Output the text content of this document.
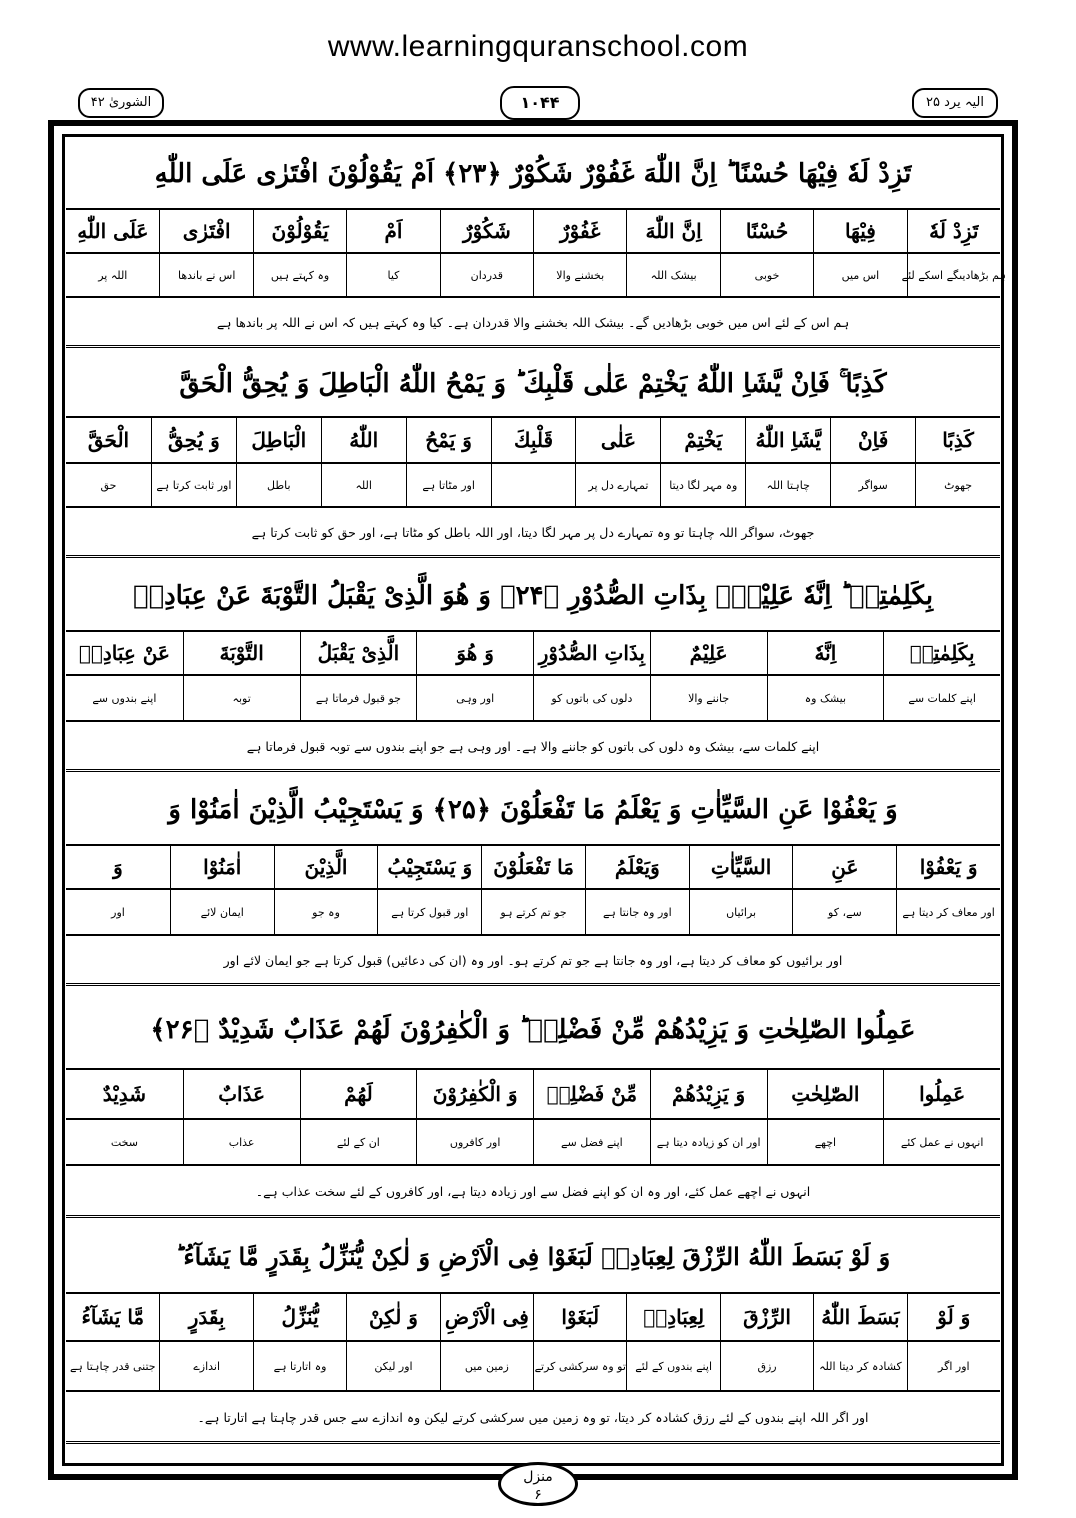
www.learningquranschool.com
الشوریٰ ۴۲	۱۰۴۴	الیہ یرد ۲۵
تَزِدْ لَهٗ فِیْهَا حُسْنًا ؕ اِنَّ اللّٰهَ غَفُوْرٌ شَكُوْرٌ ﴿۲۳﴾ اَمْ یَقُوْلُوْنَ افْتَرٰى عَلَى اللّٰهِ
تَزِدْ لَهٗ
فِیْهَا
حُسْنًا
اِنَّ اللّٰهَ
غَفُوْرٌ
شَكُوْرٌ
اَمْ
یَقُوْلُوْنَ
افْتَرٰى
عَلَى اللّٰهِ
ہم بڑھادیںگے اسکے لئے
اس میں
خوبی
بیشک اللہ
بخشنے والا
قدردان
کیا
وہ کہتے ہیں
اس نے باندھا
اللہ پر
ہم اس کے لئے اس میں خوبی بڑھادیں گے۔ بیشک اللہ بخشنے والا قدردان ہے۔ کیا وہ کہتے ہیں کہ اس نے اللہ پر باندھا ہے
كَذِبًا ۚ فَاِنْ یَّشَاِ اللّٰهُ یَخْتِمْ عَلٰى قَلْبِكَ ؕ وَ یَمْحُ اللّٰهُ الْبَاطِلَ وَ یُحِقُّ الْحَقَّ
كَذِبًا
فَاِنْ
یَّشَاِ اللّٰهُ
یَخْتِمْ
عَلٰى
قَلْبِكَ
وَ یَمْحُ
اللّٰهُ
الْبَاطِلَ
وَ یُحِقُّ
الْحَقَّ
جھوٹ
سواگر
چاہتا اللہ
وہ مہر لگا دیتا
تمہارے دل پر
اور مٹاتا ہے
اللہ
باطل
اور ثابت کرتا ہے
حق
جھوٹ، سواگر اللہ چاہتا تو وہ تمہارے دل پر مہر لگا دیتا، اور اللہ باطل کو مٹاتا ہے، اور حق کو ثابت کرتا ہے
بِكَلِمٰتِهٖ ؕ اِنَّهٗ عَلِیْمٌۢ بِذَاتِ الصُّدُوْرِ ﴿۲۴﴾ وَ هُوَ الَّذِیْ یَقْبَلُ التَّوْبَةَ عَنْ عِبَادِهٖ
بِكَلِمٰتِهٖ
اِنَّهٗ
عَلِیْمٌ
بِذَاتِ الصُّدُوْرِ
وَ هُوَ
الَّذِیْ یَقْبَلُ
التَّوْبَةَ
عَنْ عِبَادِهٖ
اپنے کلمات سے
بیشک وہ
جاننے والا
دلوں کی باتوں کو
اور وہی
جو قبول فرماتا ہے
توبہ
اپنے بندوں سے
اپنے کلمات سے، بیشک وہ دلوں کی باتوں کو جاننے والا ہے۔ اور وہی ہے جو اپنے بندوں سے توبہ قبول فرماتا ہے
وَ یَعْفُوْا عَنِ السَّیِّاٰتِ وَ یَعْلَمُ مَا تَفْعَلُوْنَ ﴿۲۵﴾ وَ یَسْتَجِیْبُ الَّذِیْنَ اٰمَنُوْا وَ
وَ یَعْفُوْا
عَنِ
السَّیِّاٰتِ
وَیَعْلَمُ
مَا تَفْعَلُوْنَ
وَ یَسْتَجِیْبُ
الَّذِیْنَ
اٰمَنُوْا
وَ
اور معاف کر دیتا ہے
سے، کو
برائیاں
اور وہ جانتا ہے
جو تم کرتے ہو
اور قبول کرتا ہے
وہ جو
ایمان لائے
اور
اور برائیوں کو معاف کر دیتا ہے، اور وہ جانتا ہے جو تم کرتے ہو۔ اور وہ (ان کی دعائیں) قبول کرتا ہے جو ایمان لائے اور
عَمِلُوا الصّٰلِحٰتِ وَ یَزِیْدُهُمْ مِّنْ فَضْلِهٖ ؕ وَ الْكٰفِرُوْنَ لَهُمْ عَذَابٌ شَدِیْدٌ ﴿۲۶﴾
عَمِلُوا
الصّٰلِحٰتِ
وَ یَزِیْدُهُمْ
مِّنْ فَضْلِهٖ
وَ الْكٰفِرُوْنَ
لَهُمْ
عَذَابٌ
شَدِیْدٌ
انہوں نے عمل کئے
اچھے
اور ان کو زیادہ دیتا ہے
اپنے فضل سے
اور کافروں
ان کے لئے
عذاب
سخت
انہوں نے اچھے عمل کئے، اور وہ ان کو اپنے فضل سے اور زیادہ دیتا ہے، اور کافروں کے لئے سخت عذاب ہے۔
وَ لَوْ بَسَطَ اللّٰهُ الرِّزْقَ لِعِبَادِهٖ لَبَغَوْا فِی الْاَرْضِ وَ لٰكِنْ یُّنَزِّلُ بِقَدَرٍ مَّا یَشَآءُ ؕ
وَ لَوْ
بَسَطَ اللّٰهُ
الرِّزْقَ
لِعِبَادِهٖ
لَبَغَوْا
فِی الْاَرْضِ
وَ لٰكِنْ
یُّنَزِّلُ
بِقَدَرٍ
مَّا یَشَآءُ
اور اگر
کشادہ کر دیتا اللہ
رزق
اپنے بندوں کے لئے
تو وہ سرکشی کرتے
زمین میں
اور لیکن
وہ اتارتا ہے
اندازے
جتنی قدر چاہتا ہے
اور اگر اللہ اپنے بندوں کے لئے رزق کشادہ کر دیتا، تو وہ زمین میں سرکشی کرتے لیکن وہ اندازے سے جس قدر چاہتا ہے اتارتا ہے۔
منزل
۶
